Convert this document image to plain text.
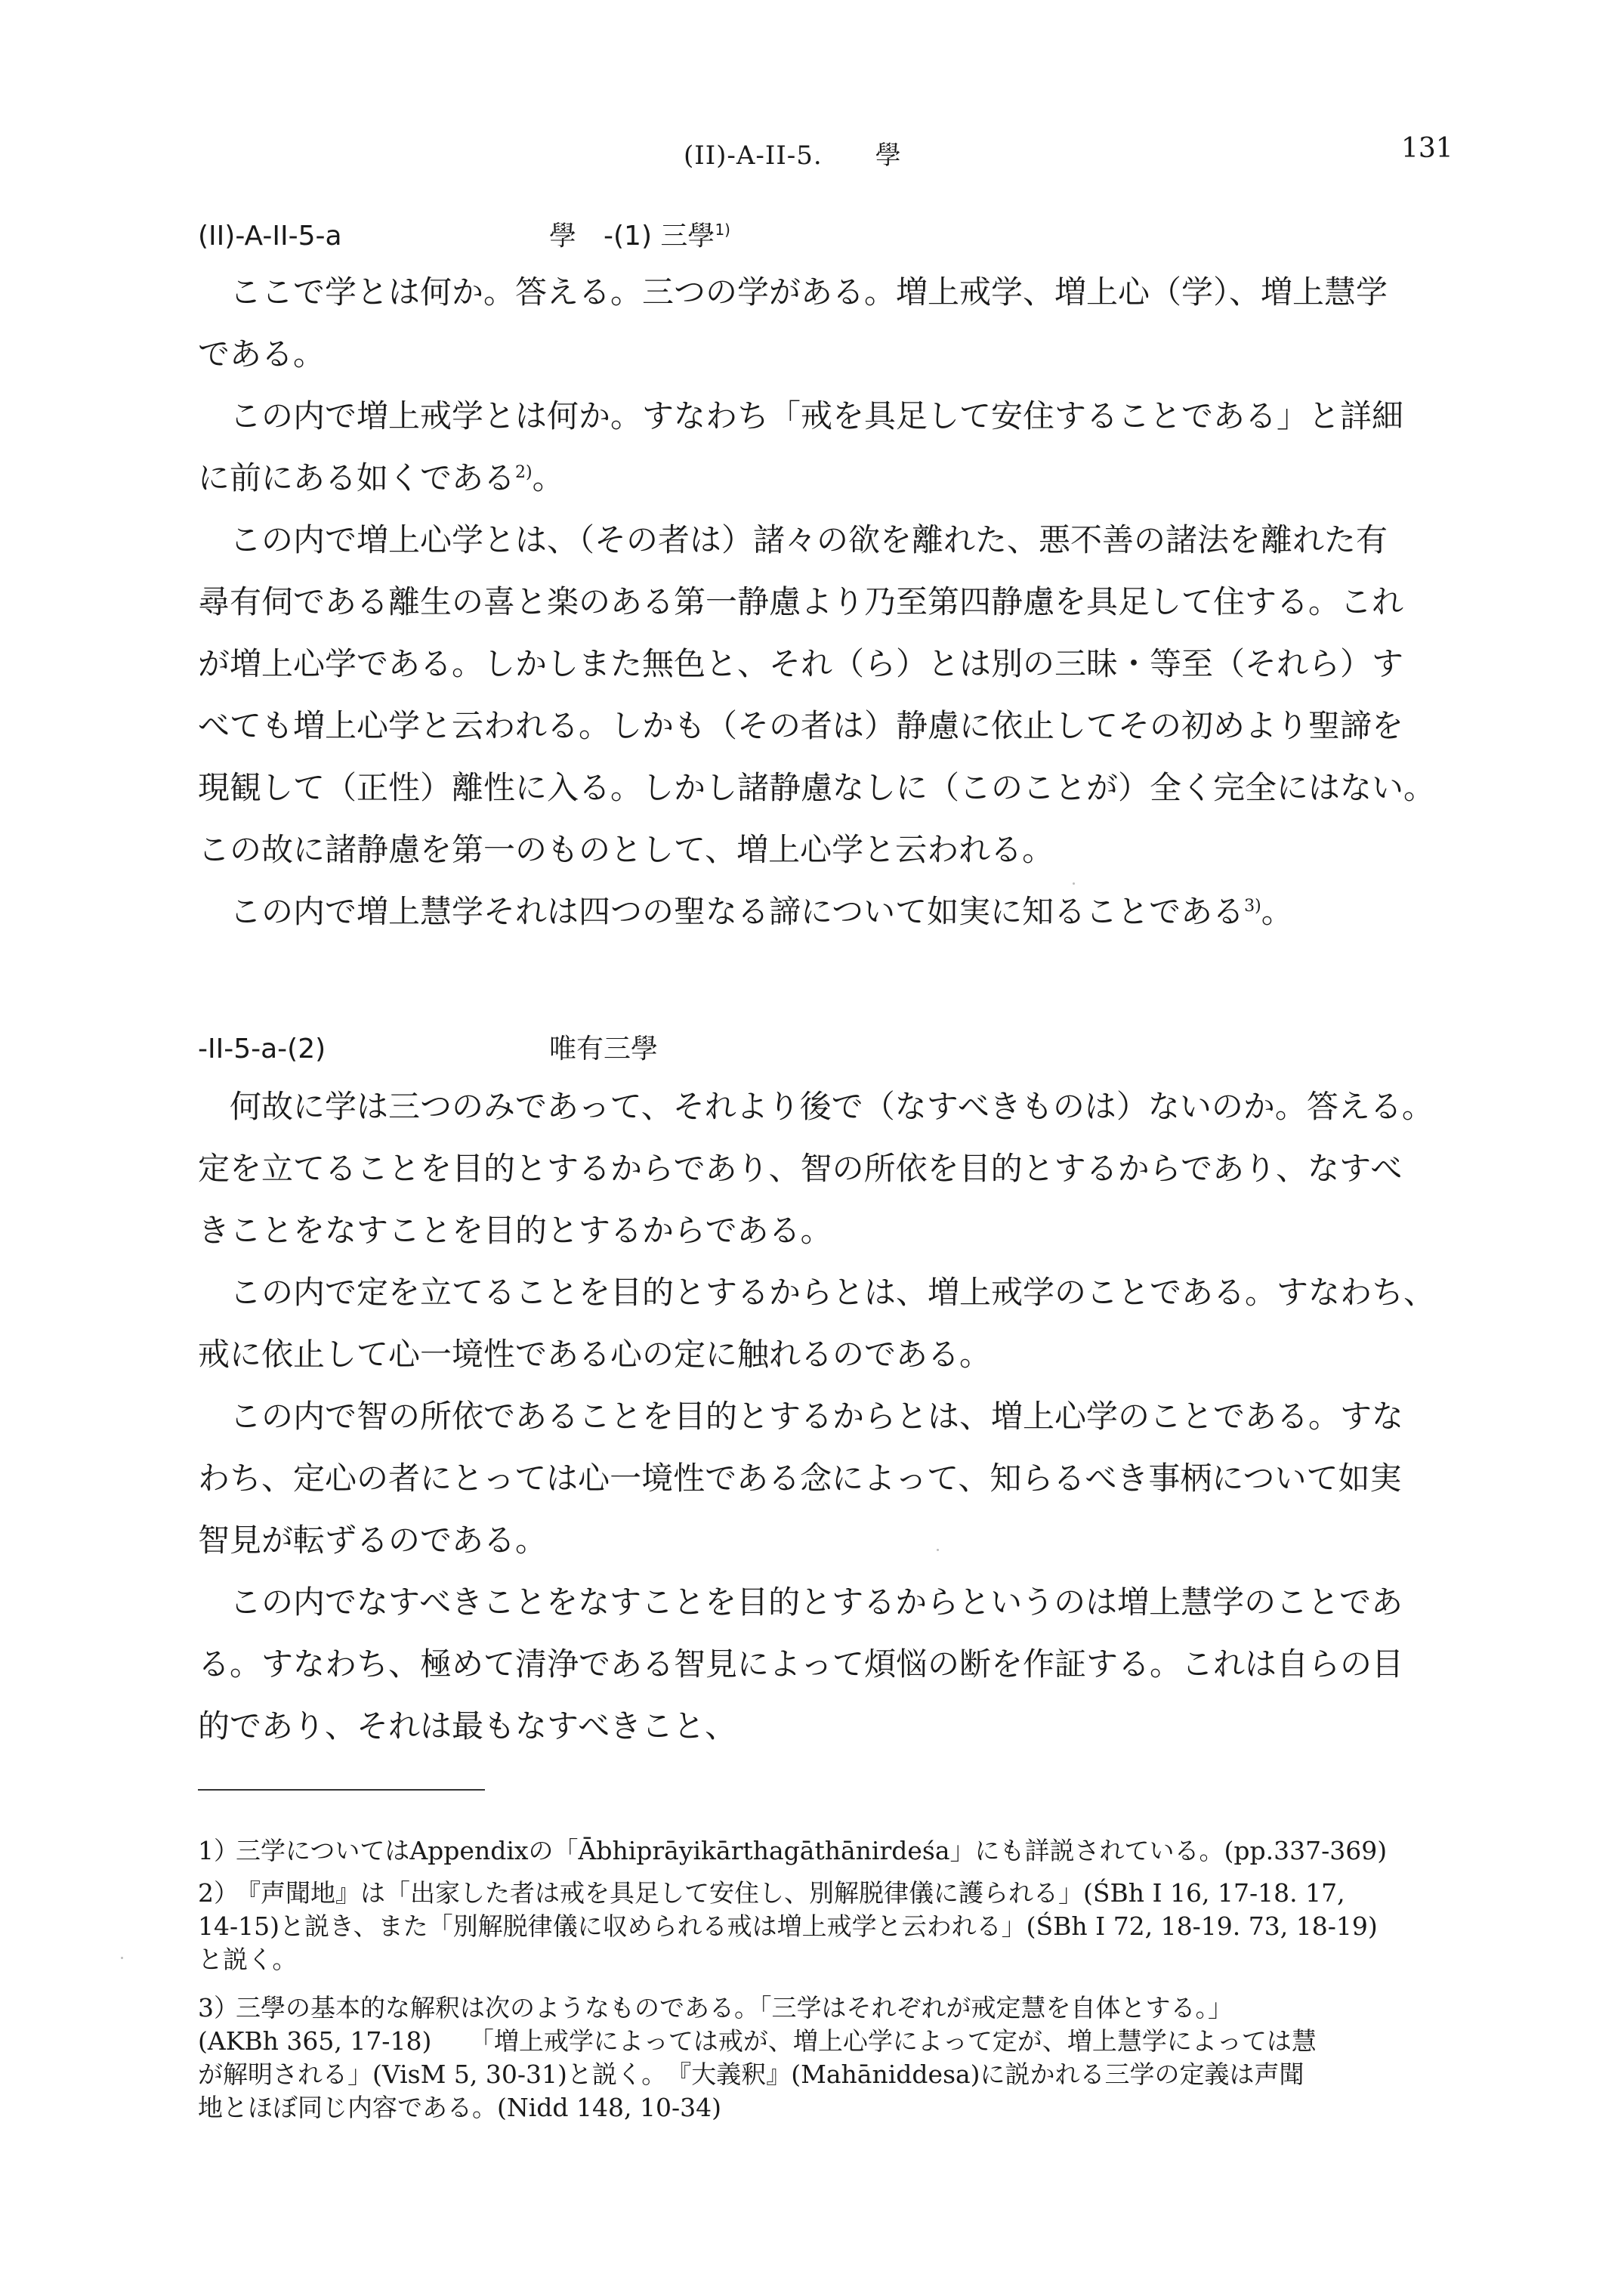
(II)-A-II-5. 學	131
(II)-A-II-5-a	學　-(1) 三學$^{1)}$
ここで学とは何か。答える。三つの学がある。増上戒学、増上心（学）、増上慧学
である。
この内で増上戒学とは何か。すなわち「戒を具足して安住することである」と詳細
に前にある如くである$^{2)}$。
この内で増上心学とは、（その者は）諸々の欲を離れた、悪不善の諸法を離れた有
尋有伺である離生の喜と楽のある第一静慮より乃至第四静慮を具足して住する。これ
が増上心学である。しかしまた無色と、それ（ら）とは別の三昧・等至（それら）す
べても増上心学と云われる。しかも（その者は）静慮に依止してその初めより聖諦を
現観して（正性）離性に入る。しかし諸静慮なしに（このことが）全く完全にはない。
この故に諸静慮を第一のものとして、増上心学と云われる。
この内で増上慧学それは四つの聖なる諦について如実に知ることである$^{3)}$。
-II-5-a-(2)	唯有三學
何故に学は三つのみであって、それより後で（なすべきものは）ないのか。答える。
定を立てることを目的とするからであり、智の所依を目的とするからであり、なすべ
きことをなすことを目的とするからである。
この内で定を立てることを目的とするからとは、増上戒学のことである。すなわち、
戒に依止して心一境性である心の定に触れるのである。
この内で智の所依であることを目的とするからとは、増上心学のことである。すな
わち、定心の者にとっては心一境性である念によって、知らるべき事柄について如実
智見が転ずるのである。
この内でなすべきことをなすことを目的とするからというのは増上慧学のことであ
る。すなわち、極めて清浄である智見によって煩悩の断を作証する。これは自らの目
的であり、それは最もなすべきこと、

1）三学についてはAppendixの「Ābhiprāyikārthagāthānirdeśa」にも詳説されている。(pp.337-369)

2）『声聞地』は「出家した者は戒を具足して安住し、別解脱律儀に護られる」(ŚBh I 16, 17-18. 17,
14-15)と説き、また「別解脱律儀に収められる戒は増上戒学と云われる」(ŚBh I 72, 18-19. 73, 18-19)
と説く。

3）三學の基本的な解釈は次のようなものである。「三学はそれぞれが戒定慧を自体とする。」
(AKBh 365, 17-18)　　「増上戒学によっては戒が、増上心学によって定が、増上慧学によっては慧
が解明される」(VisM 5, 30-31)と説く。　『大義釈』(Mahāniddesa)に説かれる三学の定義は声聞
地とほぼ同じ内容である。(Nidd 148, 10-34)
